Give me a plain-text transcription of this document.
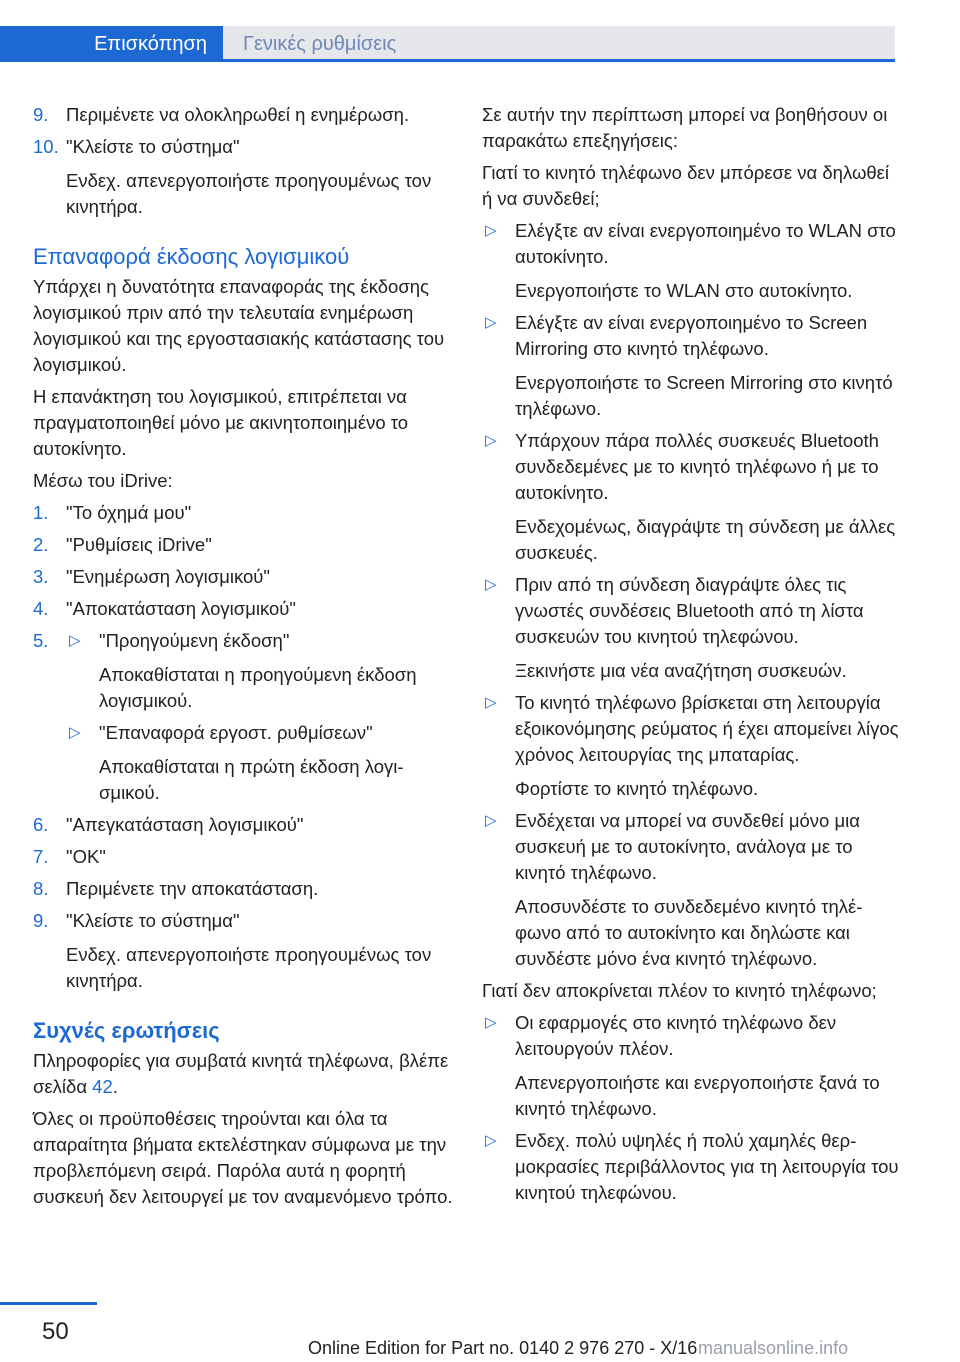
Επισκόπηση	Γενικές ρυθμίσεις
9. Περιμένετε να ολοκληρωθεί η ενημέρωση.
10. "Κλείστε το σύστημα"
Ενδεχ. απενεργοποιήστε προηγουμένως τον κινητήρα.
Επαναφορά έκδοσης λογισμικού

Υπάρχει η δυνατότητα επαναφοράς της έκδοσης λογισμικού πριν από την τελευταία ενημέρωση λογισμικού και της εργοστασιακής κατάστασης του λογισμικού.

Η επανάκτηση του λογισμικού, επιτρέπεται να πραγματοποιηθεί μόνο με ακινητοποιημένο το αυτοκίνητο.

Μέσω του iDrive:

1. "Το όχημά μου"
2. "Ρυθμίσεις iDrive"
3. "Ενημέρωση λογισμικού"
4. "Αποκατάσταση λογισμικού"
5. ▷ "Προηγούμενη έκδοση"
Αποκαθίσταται η προηγούμενη έκδοση λογισμικού.
▷ "Επαναφορά εργοστ. ρυθμίσεων"
Αποκαθίσταται η πρώτη έκδοση λογισμικού.
6. "Απεγκατάσταση λογισμικού"
7. "OK"
8. Περιμένετε την αποκατάσταση.
9. "Κλείστε το σύστημα"
Ενδεχ. απενεργοποιήστε προηγουμένως τον κινητήρα.
Συχνές ερωτήσεις

Πληροφορίες για συμβατά κινητά τηλέφωνα, βλέπε σελίδα 42.

Όλες οι προϋποθέσεις τηρούνται και όλα τα απαραίτητα βήματα εκτελέστηκαν σύμφωνα με την προβλεπόμενη σειρά. Παρόλα αυτά η φορητή συσκευή δεν λειτουργεί με τον αναμενόμενο τρόπο.

Σε αυτήν την περίπτωση μπορεί να βοηθήσουν οι παρακάτω επεξηγήσεις:

Γιατί το κινητό τηλέφωνο δεν μπόρεσε να δηλωθεί ή να συνδεθεί;

▷ Ελέγξτε αν είναι ενεργοποιημένο το WLAN στο αυτοκίνητο.
Ενεργοποιήστε το WLAN στο αυτοκίνητο.
▷ Ελέγξτε αν είναι ενεργοποιημένο το Screen Mirroring στο κινητό τηλέφωνο.
Ενεργοποιήστε το Screen Mirroring στο κινητό τηλέφωνο.
▷ Υπάρχουν πάρα πολλές συσκευές Bluetooth συνδεδεμένες με το κινητό τηλέφωνο ή με το αυτοκίνητο.
Ενδεχομένως, διαγράψτε τη σύνδεση με άλλες συσκευές.
▷ Πριν από τη σύνδεση διαγράψτε όλες τις γνωστές συνδέσεις Bluetooth από τη λίστα συσκευών του κινητού τηλεφώνου.
Ξεκινήστε μια νέα αναζήτηση συσκευών.
▷ Το κινητό τηλέφωνο βρίσκεται στη λειτουργία εξοικονόμησης ρεύματος ή έχει απομείνει λίγος χρόνος λειτουργίας της μπαταρίας.
Φορτίστε το κινητό τηλέφωνο.
▷ Ενδέχεται να μπορεί να συνδεθεί μόνο μια συσκευή με το αυτοκίνητο, ανάλογα με το κινητό τηλέφωνο.
Αποσυνδέστε το συνδεδεμένο κινητό τηλέφωνο από το αυτοκίνητο και δηλώστε και συνδέστε μόνο ένα κινητό τηλέφωνο.

Γιατί δεν αποκρίνεται πλέον το κινητό τηλέφωνο;

▷ Οι εφαρμογές στο κινητό τηλέφωνο δεν λειτουργούν πλέον.
Απενεργοποιήστε και ενεργοποιήστε ξανά το κινητό τηλέφωνο.
▷ Ενδεχ. πολύ υψηλές ή πολύ χαμηλές θερμοκρασίες περιβάλλοντος για τη λειτουργία του κινητού τηλεφώνου.
50
Online Edition for Part no. 0140 2 976 270 - X/16 manualsonline.info
